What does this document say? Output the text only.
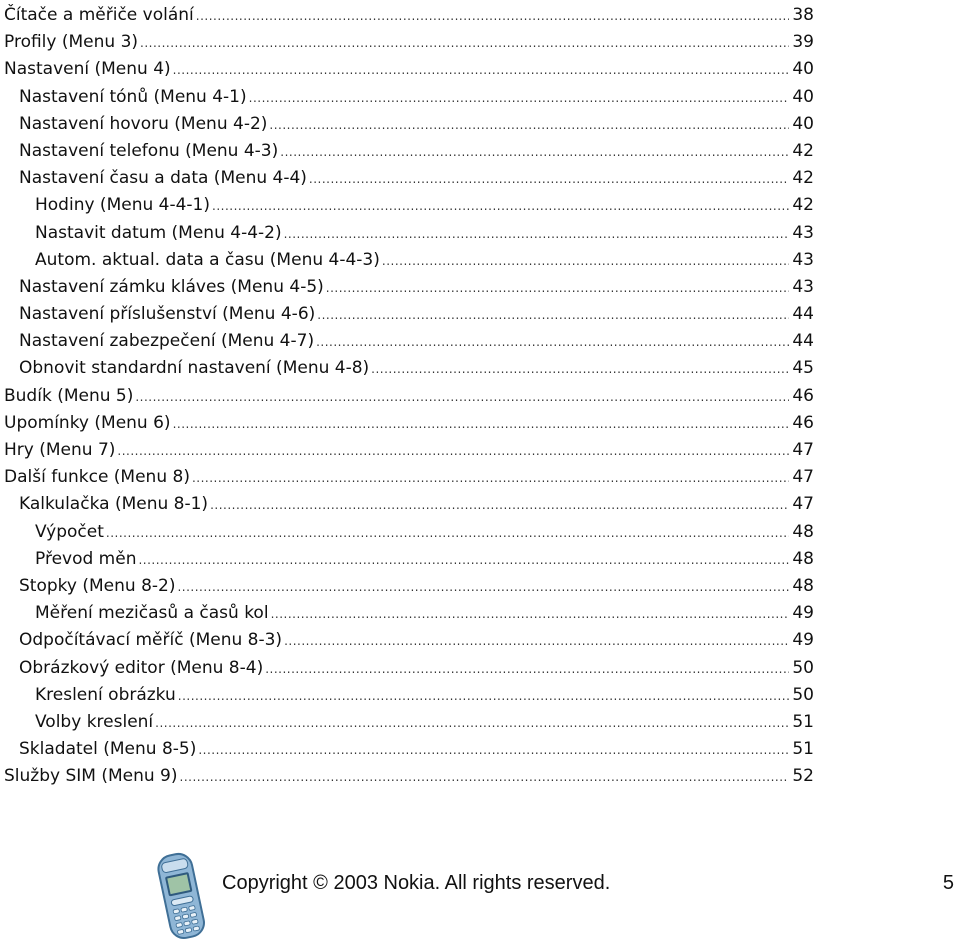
Čítače a měřiče volání .....	38
Profily (Menu 3) .....	39
Nastavení (Menu 4) .....	40
Nastavení tónů (Menu 4-1) .....	40
Nastavení hovoru (Menu 4-2) .....	40
Nastavení telefonu (Menu 4-3) .....	42
Nastavení času a data (Menu 4-4) .....	42
Hodiny (Menu 4-4-1) .....	42
Nastavit datum (Menu 4-4-2) .....	43
Autom. aktual. data a času (Menu 4-4-3) .....	43
Nastavení zámku kláves (Menu 4-5) .....	43
Nastavení příslušenství (Menu 4-6) .....	44
Nastavení zabezpečení (Menu 4-7) .....	44
Obnovit standardní nastavení (Menu 4-8) .....	45
Budík (Menu 5) .....	46
Upomínky (Menu 6) .....	46
Hry (Menu 7) .....	47
Další funkce (Menu 8) .....	47
Kalkulačka (Menu 8-1) .....	47
Výpočet .....	48
Převod měn .....	48
Stopky (Menu 8-2) .....	48
Měření mezičasů a časů kol .....	49
Odpočítávací měříč (Menu 8-3) .....	49
Obrázkový editor (Menu 8-4) .....	50
Kreslení obrázku .....	50
Volby kreslení .....	51
Skladatel (Menu 8-5) .....	51
Služby SIM (Menu 9) .....	52
Copyright © 2003 Nokia. All rights reserved.	5
